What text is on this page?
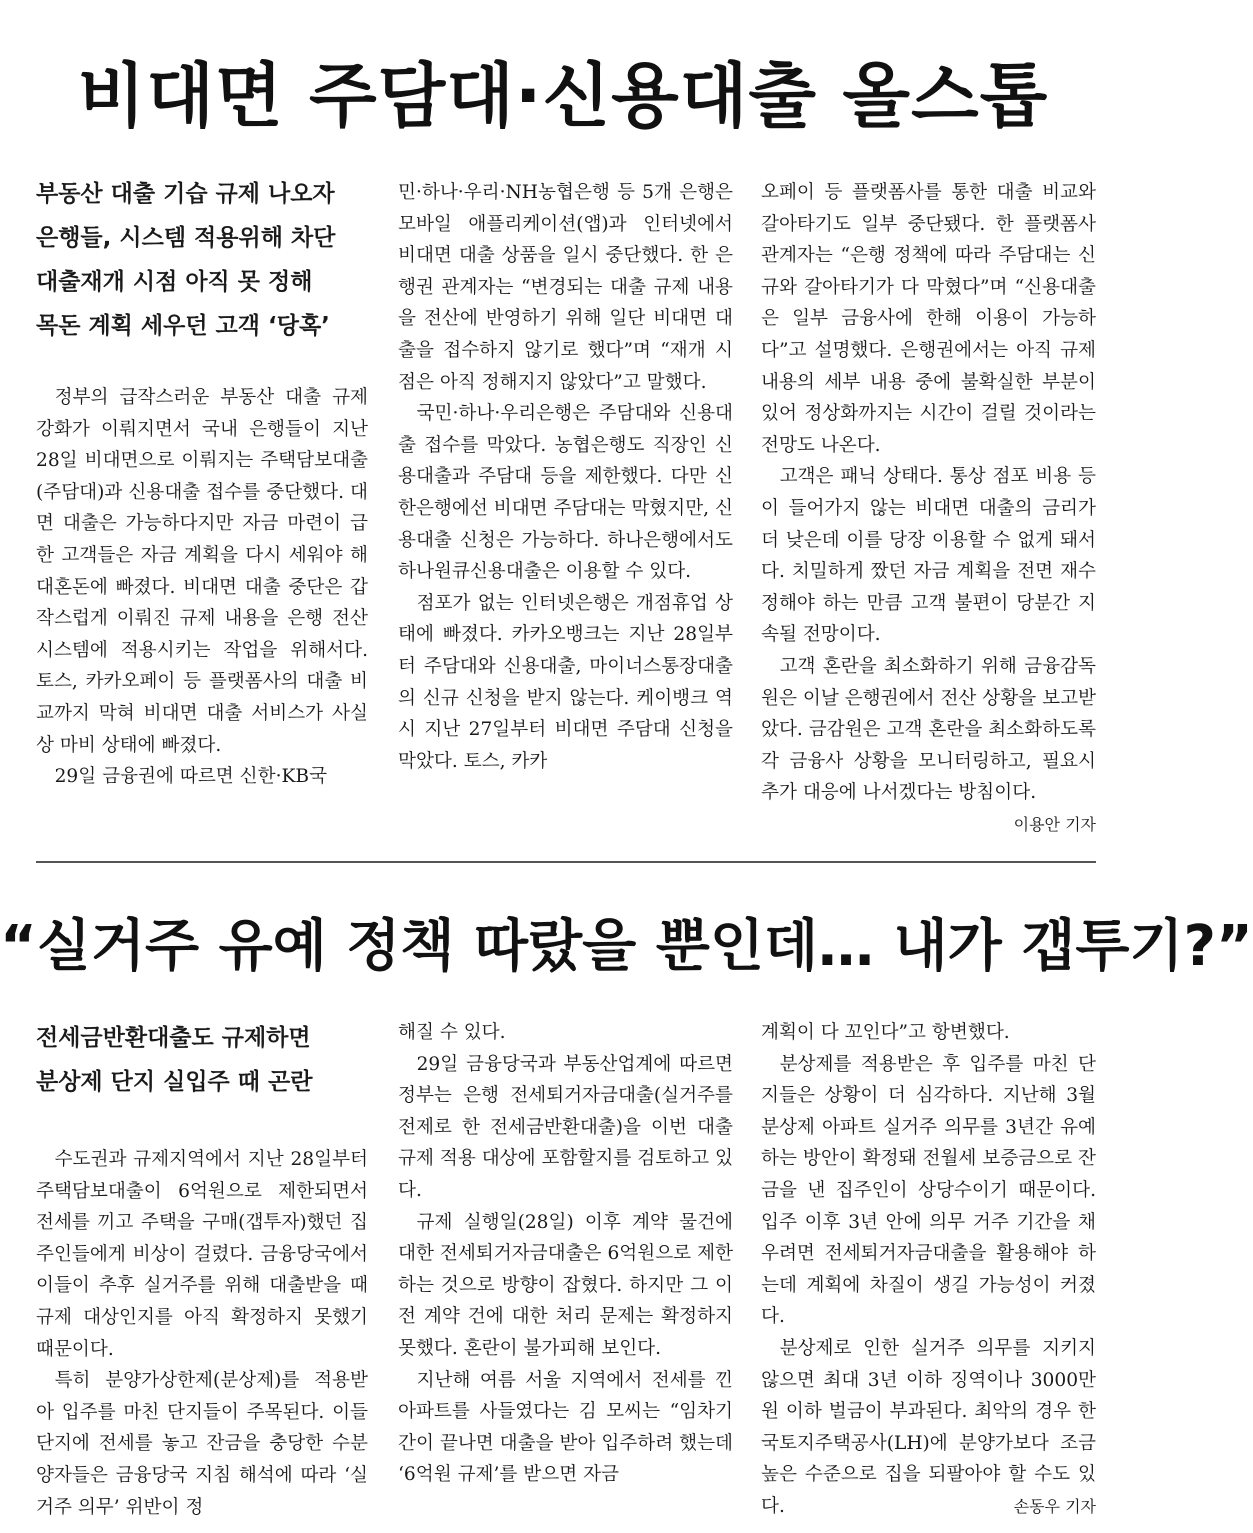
비대면 주담대·신용대출 올스톱
부동산 대출 기습 규제 나오자
은행들, 시스템 적용위해 차단
대출재개 시점 아직 못 정해
목돈 계획 세우던 고객 ‘당혹’

정부의 급작스러운 부동산 대출 규제 강화가 이뤄지면서 국내 은행들이 지난 28일 비대면으로 이뤄지는 주택담보대출(주담대)과 신용대출 접수를 중단했다. 대면 대출은 가능하다지만 자금 마련이 급한 고객들은 자금 계획을 다시 세워야 해 대혼돈에 빠졌다. 비대면 대출 중단은 갑작스럽게 이뤄진 규제 내용을 은행 전산 시스템에 적용시키는 작업을 위해서다. 토스, 카카오페이 등 플랫폼사의 대출 비교까지 막혀 비대면 대출 서비스가 사실상 마비 상태에 빠졌다.

29일 금융권에 따르면 신한·KB국

민·하나·우리·NH농협은행 등 5개 은행은 모바일 애플리케이션(앱)과 인터넷에서 비대면 대출 상품을 일시 중단했다. 한 은행권 관계자는 “변경되는 대출 규제 내용을 전산에 반영하기 위해 일단 비대면 대출을 접수하지 않기로 했다”며 “재개 시점은 아직 정해지지 않았다”고 말했다.

국민·하나·우리은행은 주담대와 신용대출 접수를 막았다. 농협은행도 직장인 신용대출과 주담대 등을 제한했다. 다만 신한은행에선 비대면 주담대는 막혔지만, 신용대출 신청은 가능하다. 하나은행에서도 하나원큐신용대출은 이용할 수 있다.

점포가 없는 인터넷은행은 개점휴업 상태에 빠졌다. 카카오뱅크는 지난 28일부터 주담대와 신용대출, 마이너스통장대출의 신규 신청을 받지 않는다. 케이뱅크 역시 지난 27일부터 비대면 주담대 신청을 막았다. 토스, 카카

오페이 등 플랫폼사를 통한 대출 비교와 갈아타기도 일부 중단됐다. 한 플랫폼사 관계자는 “은행 정책에 따라 주담대는 신규와 갈아타기가 다 막혔다”며 “신용대출은 일부 금융사에 한해 이용이 가능하다”고 설명했다. 은행권에서는 아직 규제 내용의 세부 내용 중에 불확실한 부분이 있어 정상화까지는 시간이 걸릴 것이라는 전망도 나온다.

고객은 패닉 상태다. 통상 점포 비용 등이 들어가지 않는 비대면 대출의 금리가 더 낮은데 이를 당장 이용할 수 없게 돼서다. 치밀하게 짰던 자금 계획을 전면 재수정해야 하는 만큼 고객 불편이 당분간 지속될 전망이다.

고객 혼란을 최소화하기 위해 금융감독원은 이날 은행권에서 전산 상황을 보고받았다. 금감원은 고객 혼란을 최소화하도록 각 금융사 상황을 모니터링하고, 필요시 추가 대응에 나서겠다는 방침이다.
이용안 기자

“실거주 유예 정책 따랐을 뿐인데… 내가 갭투기?”
전세금반환대출도 규제하면
분상제 단지 실입주 때 곤란

수도권과 규제지역에서 지난 28일부터 주택담보대출이 6억원으로 제한되면서 전세를 끼고 주택을 구매(갭투자)했던 집주인들에게 비상이 걸렸다. 금융당국에서 이들이 추후 실거주를 위해 대출받을 때 규제 대상인지를 아직 확정하지 못했기 때문이다.

특히 분양가상한제(분상제)를 적용받아 입주를 마친 단지들이 주목된다. 이들 단지에 전세를 놓고 잔금을 충당한 수분양자들은 금융당국 지침 해석에 따라 ‘실거주 의무’ 위반이 정

해질 수 있다.

29일 금융당국과 부동산업계에 따르면 정부는 은행 전세퇴거자금대출(실거주를 전제로 한 전세금반환대출)을 이번 대출 규제 적용 대상에 포함할지를 검토하고 있다.

규제 실행일(28일) 이후 계약 물건에 대한 전세퇴거자금대출은 6억원으로 제한하는 것으로 방향이 잡혔다. 하지만 그 이전 계약 건에 대한 처리 문제는 확정하지 못했다. 혼란이 불가피해 보인다.

지난해 여름 서울 지역에서 전세를 낀 아파트를 사들였다는 김 모씨는 “임차기간이 끝나면 대출을 받아 입주하려 했는데 ‘6억원 규제’를 받으면 자금

계획이 다 꼬인다”고 항변했다.

분상제를 적용받은 후 입주를 마친 단지들은 상황이 더 심각하다. 지난해 3월 분상제 아파트 실거주 의무를 3년간 유예하는 방안이 확정돼 전월세 보증금으로 잔금을 낸 집주인이 상당수이기 때문이다. 입주 이후 3년 안에 의무 거주 기간을 채우려면 전세퇴거자금대출을 활용해야 하는데 계획에 차질이 생길 가능성이 커졌다.

분상제로 인한 실거주 의무를 지키지 않으면 최대 3년 이하 징역이나 3000만원 이하 벌금이 부과된다. 최악의 경우 한국토지주택공사(LH)에 분양가보다 조금 높은 수준으로 집을 되팔아야 할 수도 있다.	손동우 기자
